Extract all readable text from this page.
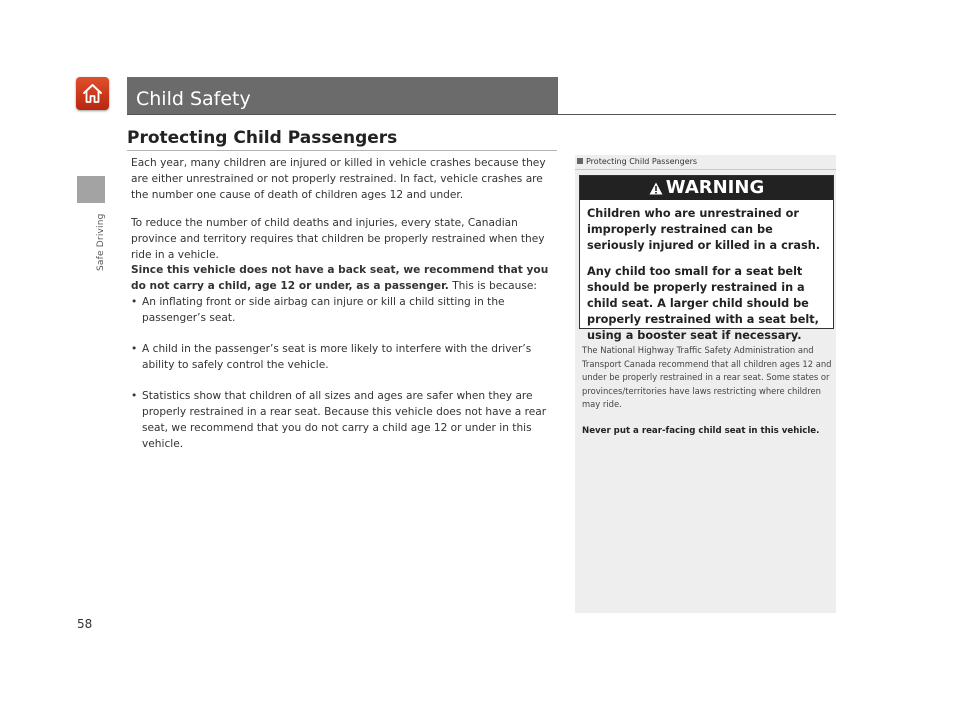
Safe Driving
Child Safety
Protecting Child Passengers

Each year, many children are injured or killed in vehicle crashes because they are either unrestrained or not properly restrained. In fact, vehicle crashes are the number one cause of death of children ages 12 and under.

To reduce the number of child deaths and injuries, every state, Canadian province and territory requires that children be properly restrained when they ride in a vehicle.

Since this vehicle does not have a back seat, we recommend that you do not carry a child, age 12 or under, as a passenger. This is because:

• An inflating front or side airbag can injure or kill a child sitting in the passenger’s seat.
• A child in the passenger’s seat is more likely to interfere with the driver’s ability to safely control the vehicle.
• Statistics show that children of all sizes and ages are safer when they are properly restrained in a rear seat. Because this vehicle does not have a rear seat, we recommend that you do not carry a child age 12 or under in this vehicle.
Protecting Child Passengers
WARNING
Children who are unrestrained or improperly restrained can be seriously injured or killed in a crash.
Any child too small for a seat belt should be properly restrained in a child seat. A larger child should be properly restrained with a seat belt, using a booster seat if necessary.
The National Highway Traffic Safety Administration and Transport Canada recommend that all children ages 12 and under be properly restrained in a rear seat. Some states or provinces/territories have laws restricting where children may ride.
Never put a rear-facing child seat in this vehicle.
58
